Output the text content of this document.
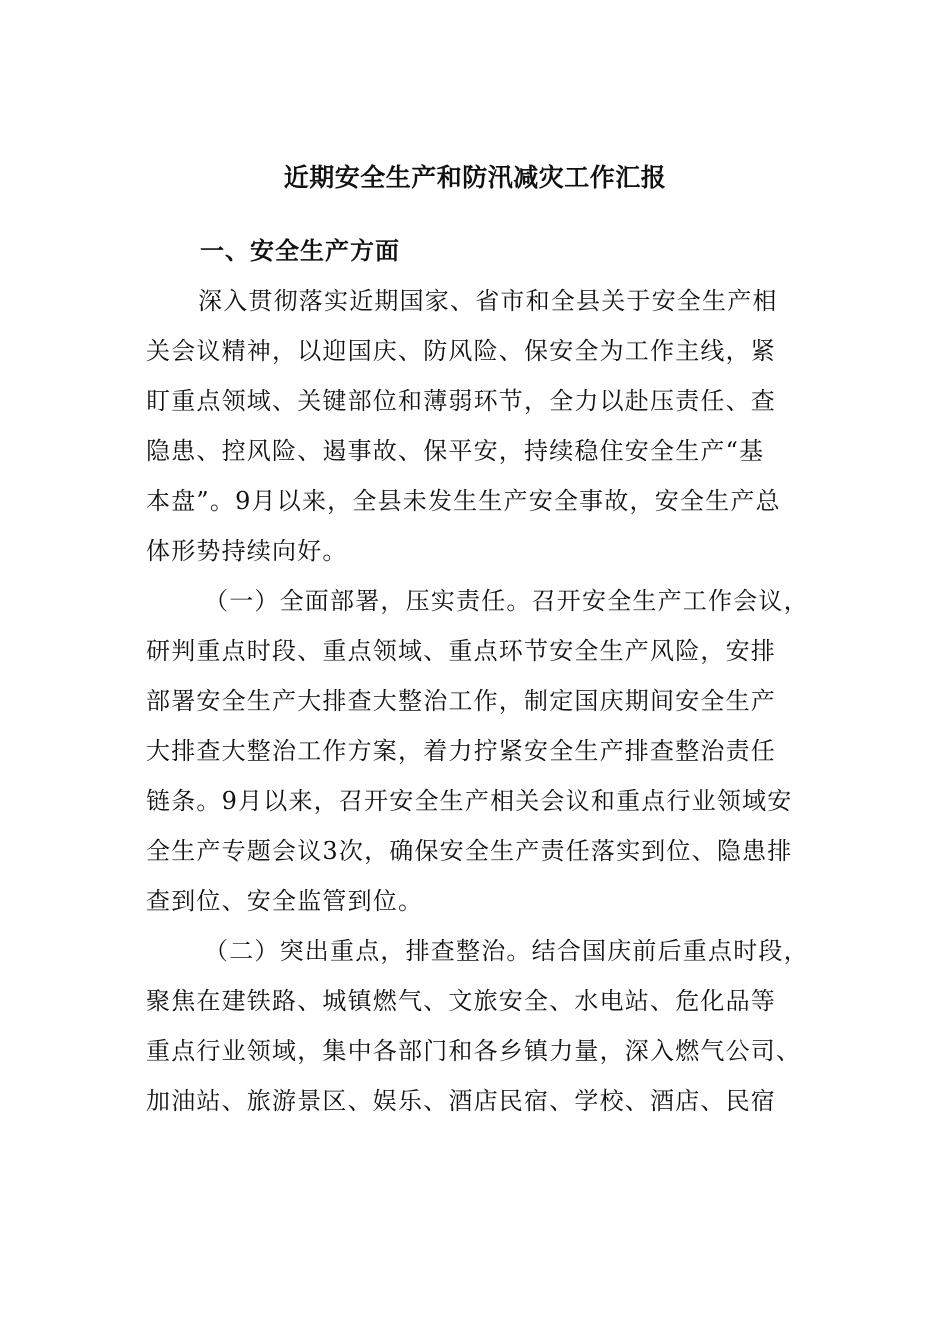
近期安全生产和防汛减灾工作汇报
一、安全生产方面
深入贯彻落实近期国家、省市和全县关于安全生产相
关会议精神，以迎国庆、防风险、保安全为工作主线，紧
盯重点领域、关键部位和薄弱环节，全力以赴压责任、查
隐患、控风险、遏事故、保平安，持续稳住安全生产“基
本盘”。9月以来，全县未发生生产安全事故，安全生产总
体形势持续向好。
（一）全面部署，压实责任。召开安全生产工作会议，
研判重点时段、重点领域、重点环节安全生产风险，安排
部署安全生产大排查大整治工作，制定国庆期间安全生产
大排查大整治工作方案，着力拧紧安全生产排查整治责任
链条。9月以来，召开安全生产相关会议和重点行业领域安
全生产专题会议3次，确保安全生产责任落实到位、隐患排
查到位、安全监管到位。
（二）突出重点，排查整治。结合国庆前后重点时段，
聚焦在建铁路、城镇燃气、文旅安全、水电站、危化品等
重点行业领域，集中各部门和各乡镇力量，深入燃气公司、
加油站、旅游景区、娱乐、酒店民宿、学校、酒店、民宿
